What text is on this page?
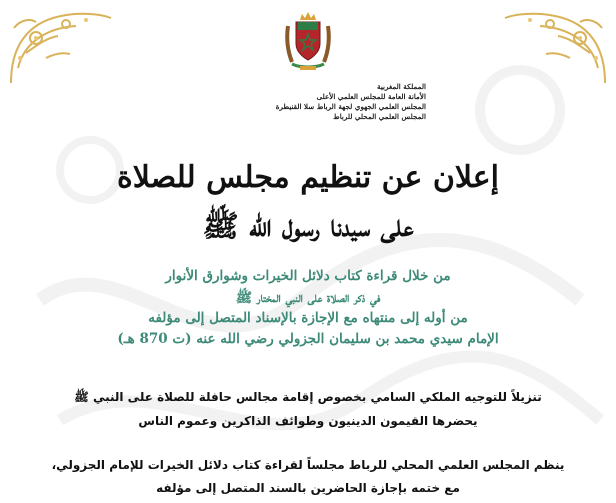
المملكة المغربية
الأمانة العامة للمجلس العلمي الأعلى
المجلس العلمي الجهوي لجهة الرباط سلا القنيطرة
المجلس العلمي المحلي للرباط
إعلان عن تنظيم مجلس للصلاة
على سيدنا رسول الله ﷺ
من خلال قراءة كتاب دلائل الخيرات وشوارق الأنوار
في ذكر الصلاة على النبي المختار ﷺ
من أوله إلى منتهاه مع الإجازة بالإسناد المتصل إلى مؤلفه
الإمام سيدي محمد بن سليمان الجزولي رضي الله عنه (ت 870 هـ)
تنزيلاً للتوجيه الملكي السامي بخصوص إقامة مجالس حافلة للصلاة على النبي ﷺ
يحضرها القيمون الدينيون وطوائف الذاكرين وعموم الناس
ينظم المجلس العلمي المحلي للرباط مجلساً لقراءة كتاب دلائل الخيرات للإمام الجزولي،
مع ختمه بإجازة الحاضرين بالسند المتصل إلى مؤلفه
